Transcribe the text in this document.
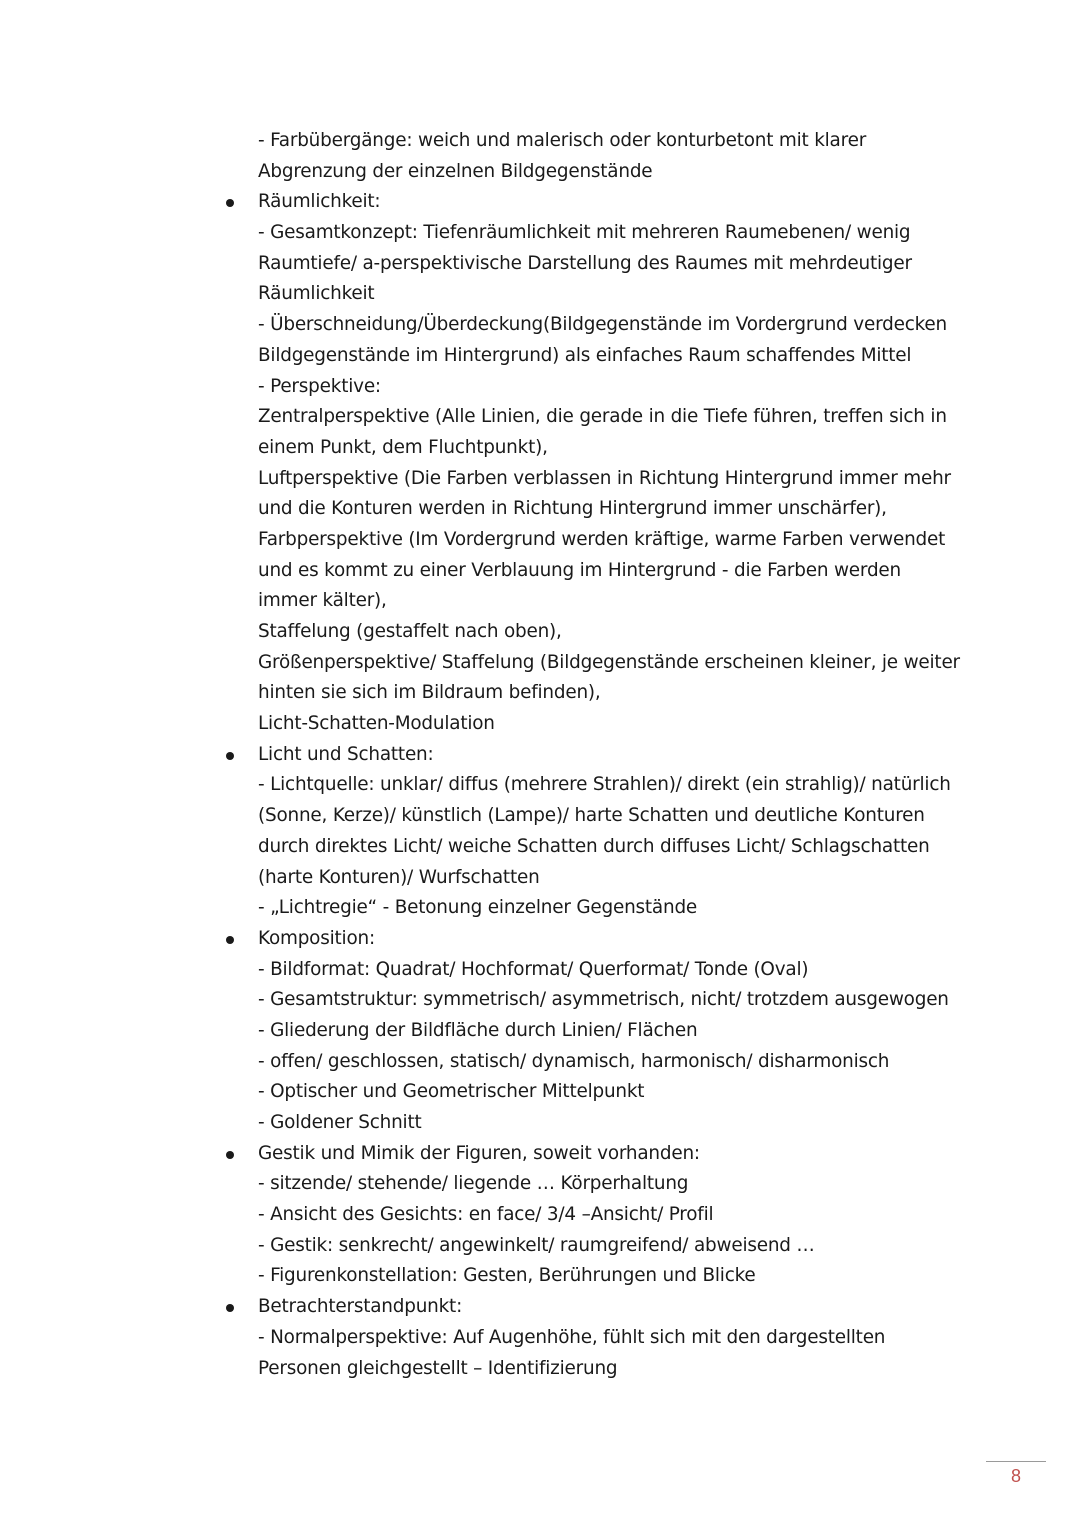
- Farbübergänge: weich und malerisch oder konturbetont mit klarer
Abgrenzung der einzelnen Bildgegenstände
Räumlichkeit:
- Gesamtkonzept: Tiefenräumlichkeit mit mehreren Raumebenen/ wenig
Raumtiefe/ a-perspektivische Darstellung des Raumes mit mehrdeutiger
Räumlichkeit
- Überschneidung/Überdeckung(Bildgegenstände im Vordergrund verdecken
Bildgegenstände im Hintergrund) als einfaches Raum schaffendes Mittel
- Perspektive:
Zentralperspektive (Alle Linien, die gerade in die Tiefe führen, treffen sich in
einem Punkt, dem Fluchtpunkt),
Luftperspektive (Die Farben verblassen in Richtung Hintergrund immer mehr
und die Konturen werden in Richtung Hintergrund immer unschärfer),
Farbperspektive (Im Vordergrund werden kräftige, warme Farben verwendet
und es kommt zu einer Verblauung im Hintergrund - die Farben werden
immer kälter),
Staffelung (gestaffelt nach oben),
Größenperspektive/ Staffelung (Bildgegenstände erscheinen kleiner, je weiter
hinten sie sich im Bildraum befinden),
Licht-Schatten-Modulation
Licht und Schatten:
- Lichtquelle: unklar/ diffus (mehrere Strahlen)/ direkt (ein strahlig)/ natürlich
(Sonne, Kerze)/ künstlich (Lampe)/ harte Schatten und deutliche Konturen
durch direktes Licht/ weiche Schatten durch diffuses Licht/ Schlagschatten
(harte Konturen)/ Wurfschatten
- „Lichtregie“ - Betonung einzelner Gegenstände
Komposition:
- Bildformat: Quadrat/ Hochformat/ Querformat/ Tonde (Oval)
- Gesamtstruktur: symmetrisch/ asymmetrisch, nicht/ trotzdem ausgewogen
- Gliederung der Bildfläche durch Linien/ Flächen
- offen/ geschlossen, statisch/ dynamisch, harmonisch/ disharmonisch
- Optischer und Geometrischer Mittelpunkt
- Goldener Schnitt
Gestik und Mimik der Figuren, soweit vorhanden:
- sitzende/ stehende/ liegende … Körperhaltung
- Ansicht des Gesichts: en face/ 3/4 –Ansicht/ Profil
- Gestik: senkrecht/ angewinkelt/ raumgreifend/ abweisend …
- Figurenkonstellation: Gesten, Berührungen und Blicke
Betrachterstandpunkt:
- Normalperspektive: Auf Augenhöhe, fühlt sich mit den dargestellten
Personen gleichgestellt – Identifizierung
8
